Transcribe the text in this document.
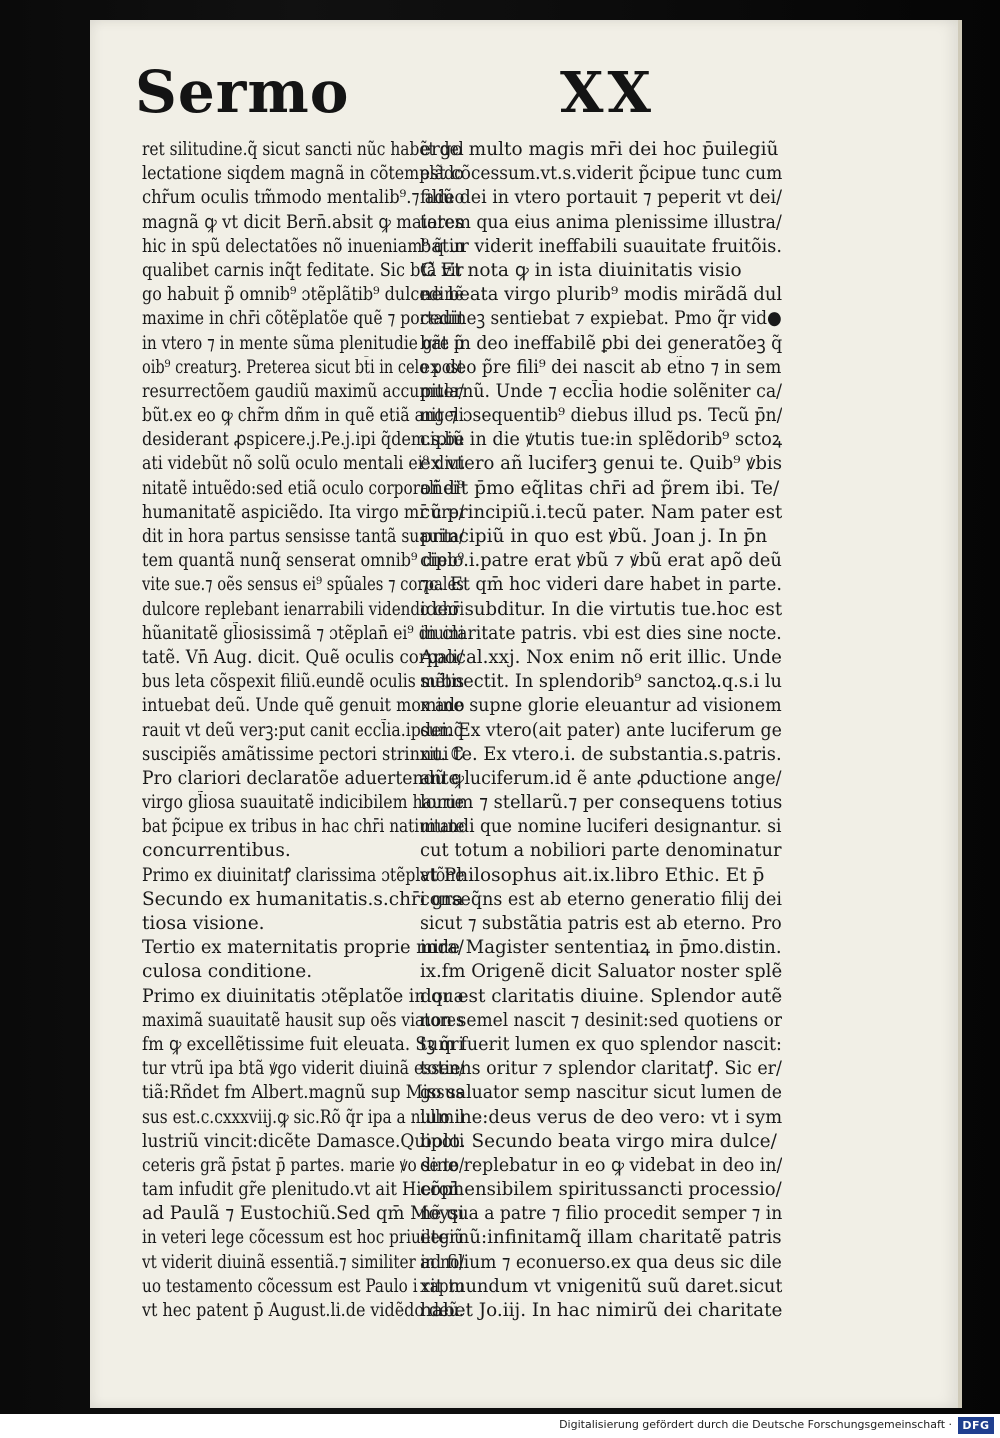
Sermo	XX
ret silitudine.q̃ sicut sancti nũc habẽt del
lectatione siqdem magnã in cõtemplãdo
chr̃um oculis tm̃modo mentalib⁹.⁊ adeo
magnã ꝙ vt dicit Bern̄.absit ꝙ maiores
hic in spũ delectatões nõ inueniam⁹ q̃ in
qualibet carnis inq̃t feditate. Sic btã vir
go habuit p̃ omnib⁹ ɔtẽplãtib⁹ dulcedinẽ
maxime in chr̄i cõtẽplatõe quẽ ⁊ portauit
in vtero ⁊ in mente sũma plenitudie gr̃e p̃
oib⁹ creaturꝫ. Preterea sicut bt̄i in celo post
resurrectõem gaudiũ maximũ accumula/
bũt.ex eo ꝙ chr̃m dñm in quẽ etiã angeli
desiderant ꝓspicere.j.Pe.j.ipi q̃dem.s.be
ati videbũt nõ solũ oculo mentali ei⁹ diui
nitatẽ intuẽdo:sed etiã oculo corporali ei⁹
humanitatẽ aspiciẽdo. Ita virgo mr̄ cre/
dit in hora partus sensisse tantã suauita/
tem quantã nunq̃ senserat omnib⁹ dieb⁹
vite sue.⁊ oẽs sensus ei⁹ spũales ⁊ corpales
dulcore replebant ienarrabili videndo chr̄i
hũanitatẽ gl̃iosissimã ⁊ ɔtẽplan̄ ei⁹ diuini
tatẽ. Vn̄ Aug. dicit. Quẽ oculis corpali/
bus leta cõspexit filiũ.eundẽ oculis mẽtis
intuebat deũ. Unde quẽ genuit mox ado
rauit vt deũ verꝫ:put canit eccl̃ia.ipsumq̃
suscipiẽs amãtissime pectori strinxit. ℂ
Pro clariori declaratõe aduertendũ ꝙ
virgo gl̃iosa suauitatẽ indicibilem haurie
bat p̃cipue ex tribus in hac chr̄i natiuitate
concurrentibus.
Primo ex diuinitatꝭ clarissima ɔtẽplatõne
Secundo ex humanitatis.s.chr̄i gra
tiosa visione.
Tertio ex maternitatis proprie mira/
culosa conditione.
Primo ex diuinitatis ɔtẽplatõe in qua
maximã suauitatẽ hausit sup oẽs viatores
fm ꝙ excellẽtissime fuit eleuata. Sꝫ q̃ri
tur vtrũ ipa btã ꝟgo viderit diuinã essen/
tiã:Rñdet fm Albert.magnũ sup Missus
sus est.c.cxxxviij.ꝙ sic.Rõ q̃r ipa a nullo il
lustriũ vincit:dicẽte Damasce.Quipoti
ceteris grã p̄stat p̄ partes. marie ꝟo se to/
tam infudit gr̃e plenitudo.vt ait Hieron̄.
ad Paulã ⁊ Eustochiũ.Sed qm̄ Moysi
in veteri lege cõcessum est hoc priuilegiũ
vt viderit diuinã essentiã.⁊ similiter in no/
uo testamento cõcessum est Paulo i raptu
vt hec patent p̄ August.li.de vidẽdo deũ.
ergo multo magis mr̄i dei hoc p̄uilegiũ
est cõcessum.vt.s.viderit p̃cipue tunc cum
filiũ dei in vtero portauit ⁊ peperit vt dei/
tatem qua eius anima plenissime illustra/
batur viderit ineffabili suauitate fruitõis.
ℂ Et nota ꝙ in ista diuinitatis visio
ne beata virgo plurib⁹ modis mirãdã dul
cedineꝫ sentiebat ⁊ expiebat. Pmo q̃r vid●
bat in deo ineffabilẽ ꝑbi dei generatõeꝫ q̃
ex deo p̃re fili⁹ dei nascit ab et̃no ⁊ in sem
piternũ. Unde ⁊ eccl̃ia hodie solẽniter ca/
nit ⁊ ɔsequentib⁹ diebus illud ps. Tecũ p̄n/
cipiũ in die ꝟtutis tue:in splẽdorib⁹ sctoꝝ
ex vtero añ luciferꝫ genui te. Quib⁹ ꝟbis
oñdit p̄mo eq̃litas chr̄i ad p̃rem ibi. Te/
cũ principiũ.i.tecũ pater. Nam pater est
principiũ in quo est ꝟbũ. Joan j. In p̄n
cipio.i.patre erat ꝟbũ ⁊ ꝟbũ erat apõ deũ
⁊c. Et qm̄ hoc videri dare habet in parte.
ideo subditur. In die virtutis tue.hoc est
in claritate patris. vbi est dies sine nocte.
Apocal.xxj. Nox enim nõ erit illic. Unde
subnectit. In splendorib⁹ sanctoꝝ.q.s.i lu
mine supne glorie eleuantur ad visionem
dei. Ex vtero(ait pater) ante luciferum ge
nui te. Ex vtero.i. de substantia.s.patris.
ante luciferum.id ẽ ante ꝓductione ange/
lorum ⁊ stellarũ.⁊ per consequens totius
mundi que nomine luciferi designantur. si
cut totum a nobiliori parte denominatur
vt Philosophus ait.ix.libro Ethic. Et p̄
conseq̃ns est ab eterno generatio filij dei
sicut ⁊ substãtia patris est ab eterno. Pro
inde Magister sententiaꝝ in p̄mo.distin.
ix.fm Origenẽ dicit Saluator noster splẽ
dor est claritatis diuine. Splendor autẽ
non semel nascit ⁊ desinit:sed quotiens or
tum fuerit lumen ex quo splendor nascit:
totiens oritur ⁊ splendor claritatꝭ. Sic er/
go saluator semp nascitur sicut lumen de
lumine:deus verus de deo vero: vt i sym
bolo. Secundo beata virgo mira dulce/
dine replebatur in eo ꝙ videbat in deo in/
cõphensibilem spiritussancti processio/
nẽ qua a patre ⁊ filio procedit semper ⁊ in
eternũ:infinitamq̃ illam charitatẽ patris
ad filium ⁊ econuerso.ex qua deus sic dile
xit mundum vt vnigenitũ suũ daret.sicut
habet Jo.iij. In hac nimirũ dei charitate
Digitalisierung gefördert durch die Deutsche Forschungsgemeinschaft · DFG
